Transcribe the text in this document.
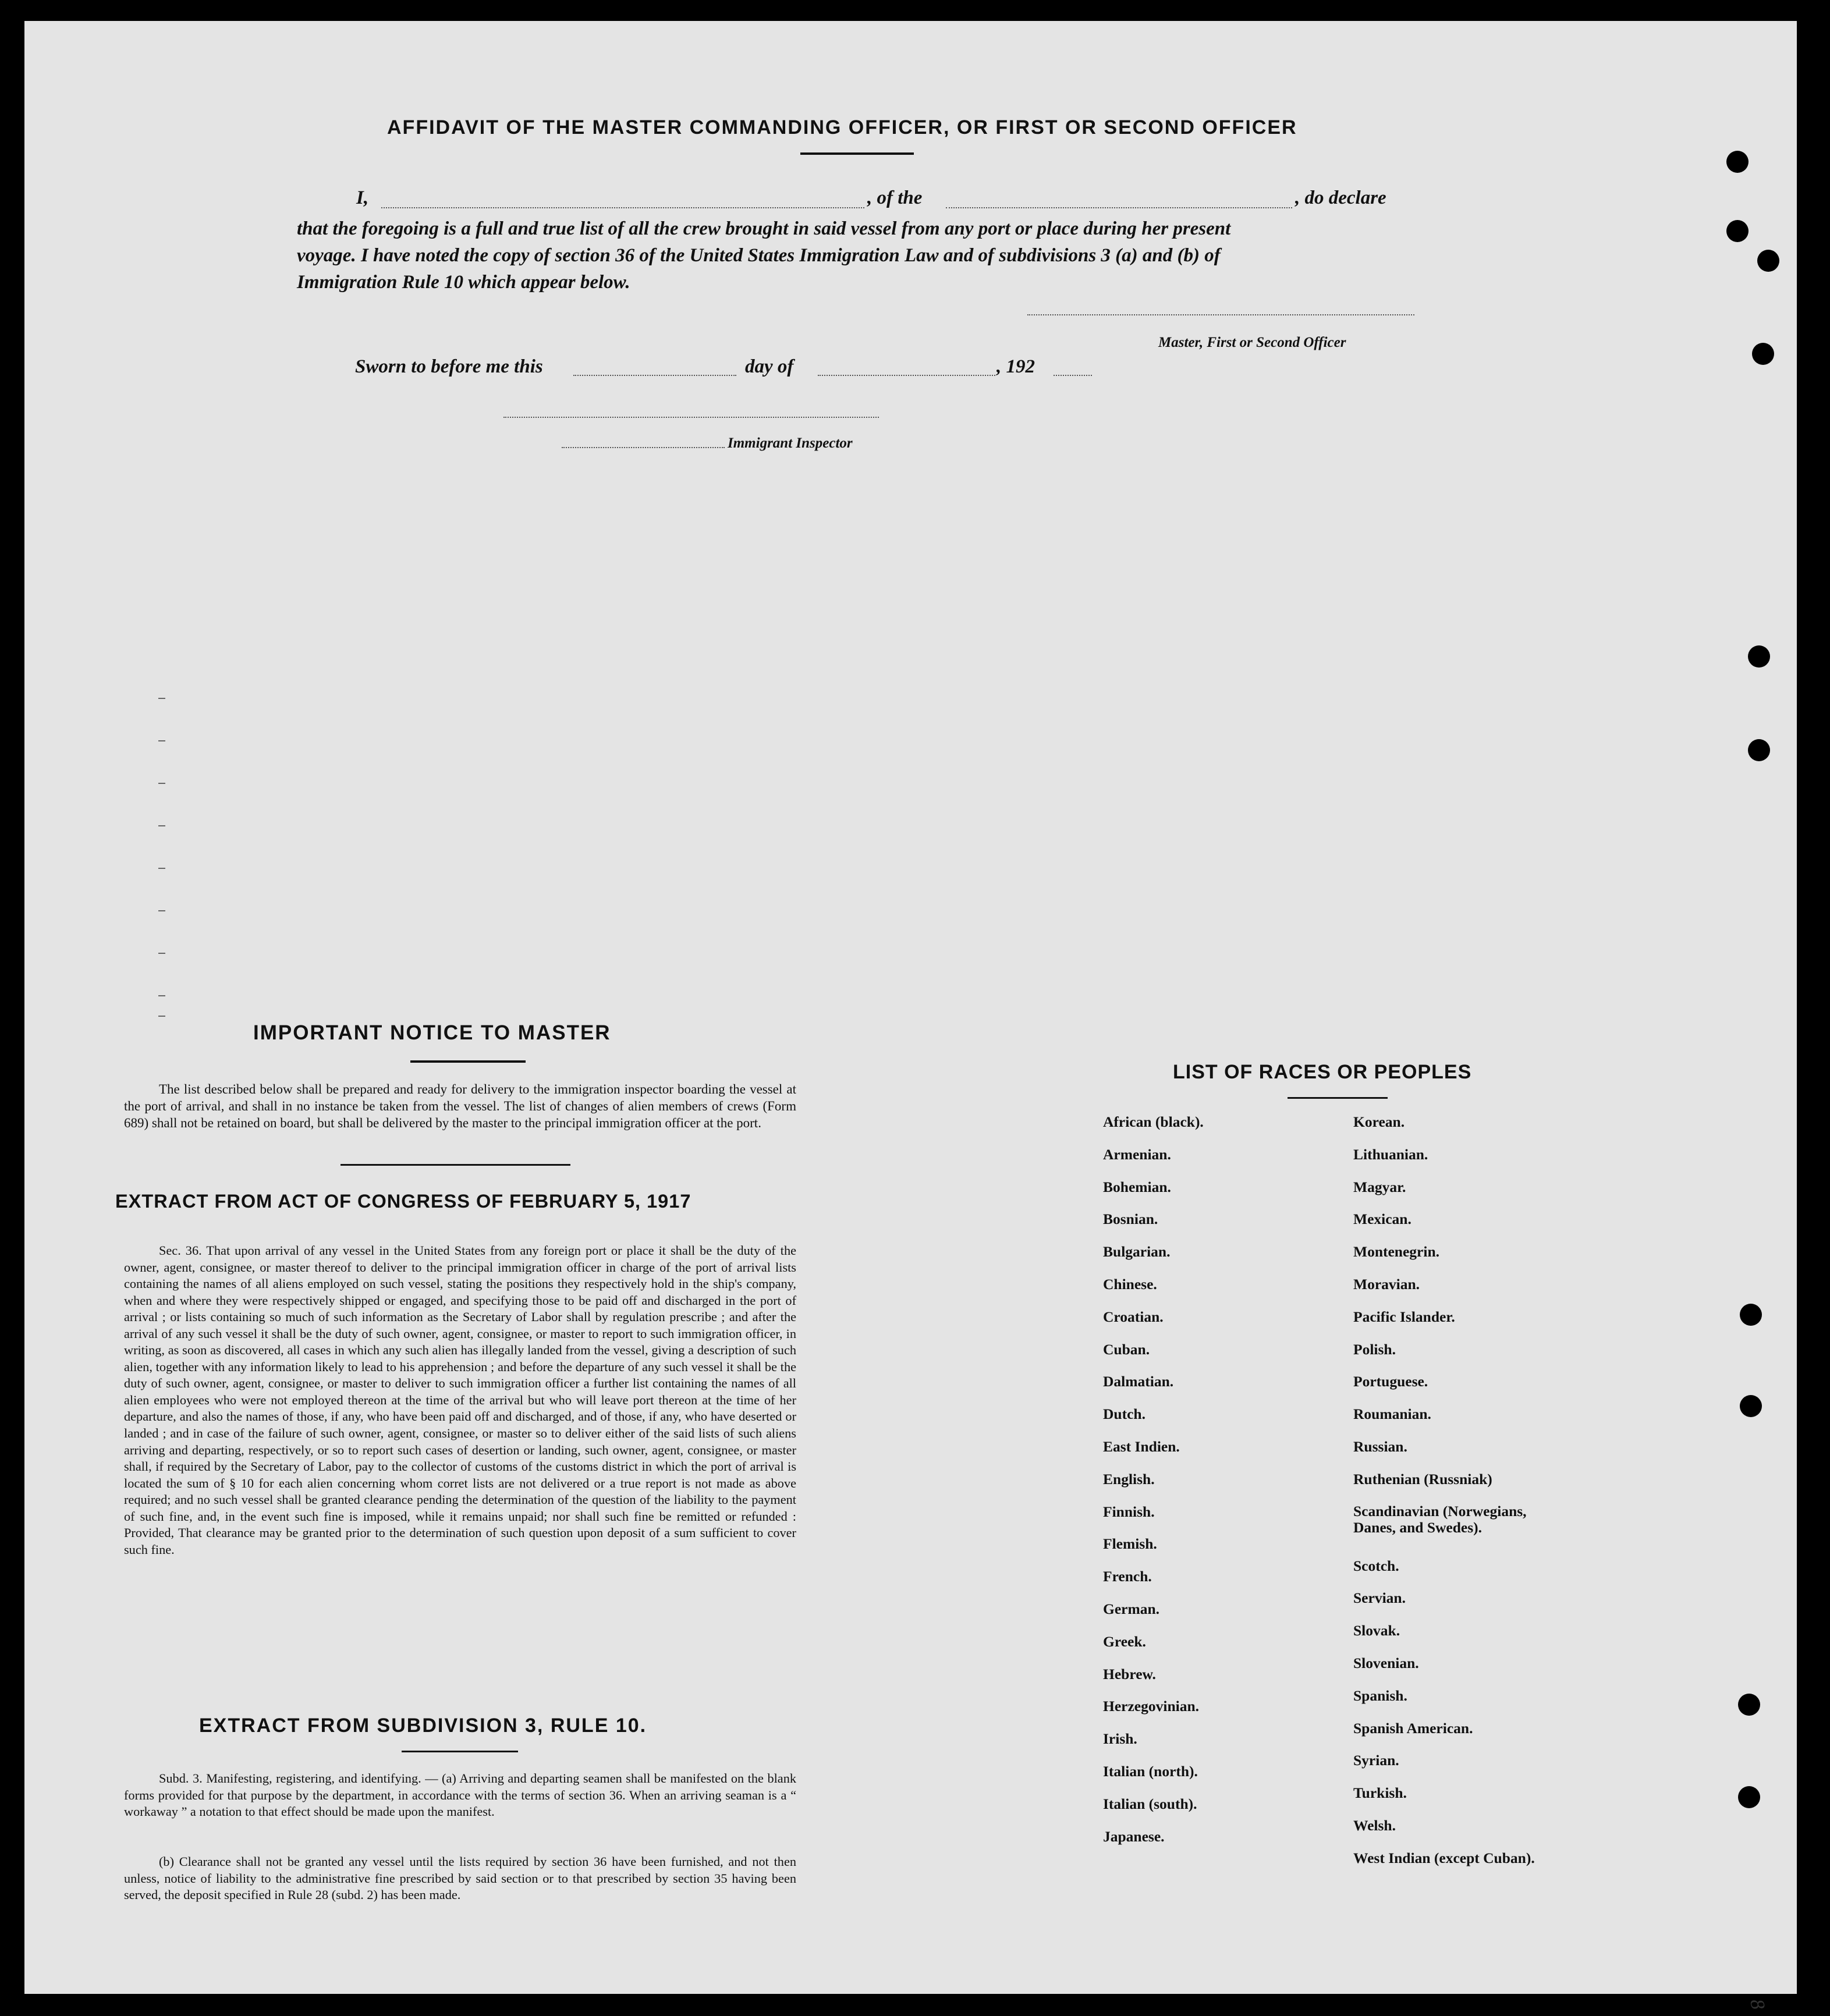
AFFIDAVIT OF THE MASTER COMMANDING OFFICER, OR FIRST OR SECOND OFFICER
I,	, of the	, do declare
that the foregoing is a full and true list of all the crew brought in said vessel from any port or place during her present
voyage. I have noted the copy of section 36 of the United States Immigration Law and of subdivisions 3 (a) and (b) of
Immigration Rule 10 which appear below.
Master, First or Second Officer
Sworn to before me this	day of	, 192
Immigrant Inspector
IMPORTANT NOTICE TO MASTER
The list described below shall be prepared and ready for delivery to the immigration inspector boarding the vessel at the port of arrival, and shall in no instance be taken from the vessel. The list of changes of alien members of crews (Form 689) shall not be retained on board, but shall be delivered by the master to the principal immigration officer at the port.
EXTRACT FROM ACT OF CONGRESS OF FEBRUARY 5, 1917
Sec. 36. That upon arrival of any vessel in the United States from any foreign port or place it shall be the duty of the owner, agent, consignee, or master thereof to deliver to the principal immigration officer in charge of the port of arrival lists containing the names of all aliens employed on such vessel, stating the positions they respectively hold in the ship's company, when and where they were respectively shipped or engaged, and specifying those to be paid off and discharged in the port of arrival ; or lists containing so much of such information as the Secretary of Labor shall by regulation prescribe ; and after the arrival of any such vessel it shall be the duty of such owner, agent, consignee, or master to report to such immigration officer, in writing, as soon as discovered, all cases in which any such alien has illegally landed from the vessel, giving a description of such alien, together with any information likely to lead to his apprehension ; and before the departure of any such vessel it shall be the duty of such owner, agent, consignee, or master to deliver to such immigration officer a further list containing the names of all alien employees who were not employed thereon at the time of the arrival but who will leave port thereon at the time of her departure, and also the names of those, if any, who have been paid off and discharged, and of those, if any, who have deserted or landed ; and in case of the failure of such owner, agent, consignee, or master so to deliver either of the said lists of such aliens arriving and departing, respectively, or so to report such cases of desertion or landing, such owner, agent, consignee, or master shall, if required by the Secretary of Labor, pay to the collector of customs of the customs district in which the port of arrival is located the sum of § 10 for each alien concerning whom corret lists are not delivered or a true report is not made as above required; and no such vessel shall be granted clearance pending the determination of the question of the liability to the payment of such fine, and, in the event such fine is imposed, while it remains unpaid; nor shall such fine be remitted or refunded : Provided, That clearance may be granted prior to the determination of such question upon deposit of a sum sufficient to cover such fine.
EXTRACT FROM SUBDIVISION 3, RULE 10.
Subd. 3. Manifesting, registering, and identifying. — (a) Arriving and departing seamen shall be manifested on the blank forms provided for that purpose by the department, in accordance with the terms of section 36. When an arriving seaman is a “ workaway ” a notation to that effect should be made upon the manifest.
(b) Clearance shall not be granted any vessel until the lists required by section 36 have been furnished, and not then unless, notice of liability to the administrative fine prescribed by said section or to that prescribed by section 35 having been served, the deposit specified in Rule 28 (subd. 2) has been made.
LIST OF RACES OR PEOPLES
African (black).
Armenian.
Bohemian.
Bosnian.
Bulgarian.
Chinese.
Croatian.
Cuban.
Dalmatian.
Dutch.
East Indien.
English.
Finnish.
Flemish.
French.
German.
Greek.
Hebrew.
Herzegovinian.
Irish.
Italian (north).
Italian (south).
Japanese.
Korean.
Lithuanian.
Magyar.
Mexican.
Montenegrin.
Moravian.
Pacific Islander.
Polish.
Portuguese.
Roumanian.
Russian.
Ruthenian (Russniak)
Scandinavian (Norwegians, Danes, and Swedes).
Scotch.
Servian.
Slovak.
Slovenian.
Spanish.
Spanish American.
Syrian.
Turkish.
Welsh.
West Indian (except Cuban).
8
